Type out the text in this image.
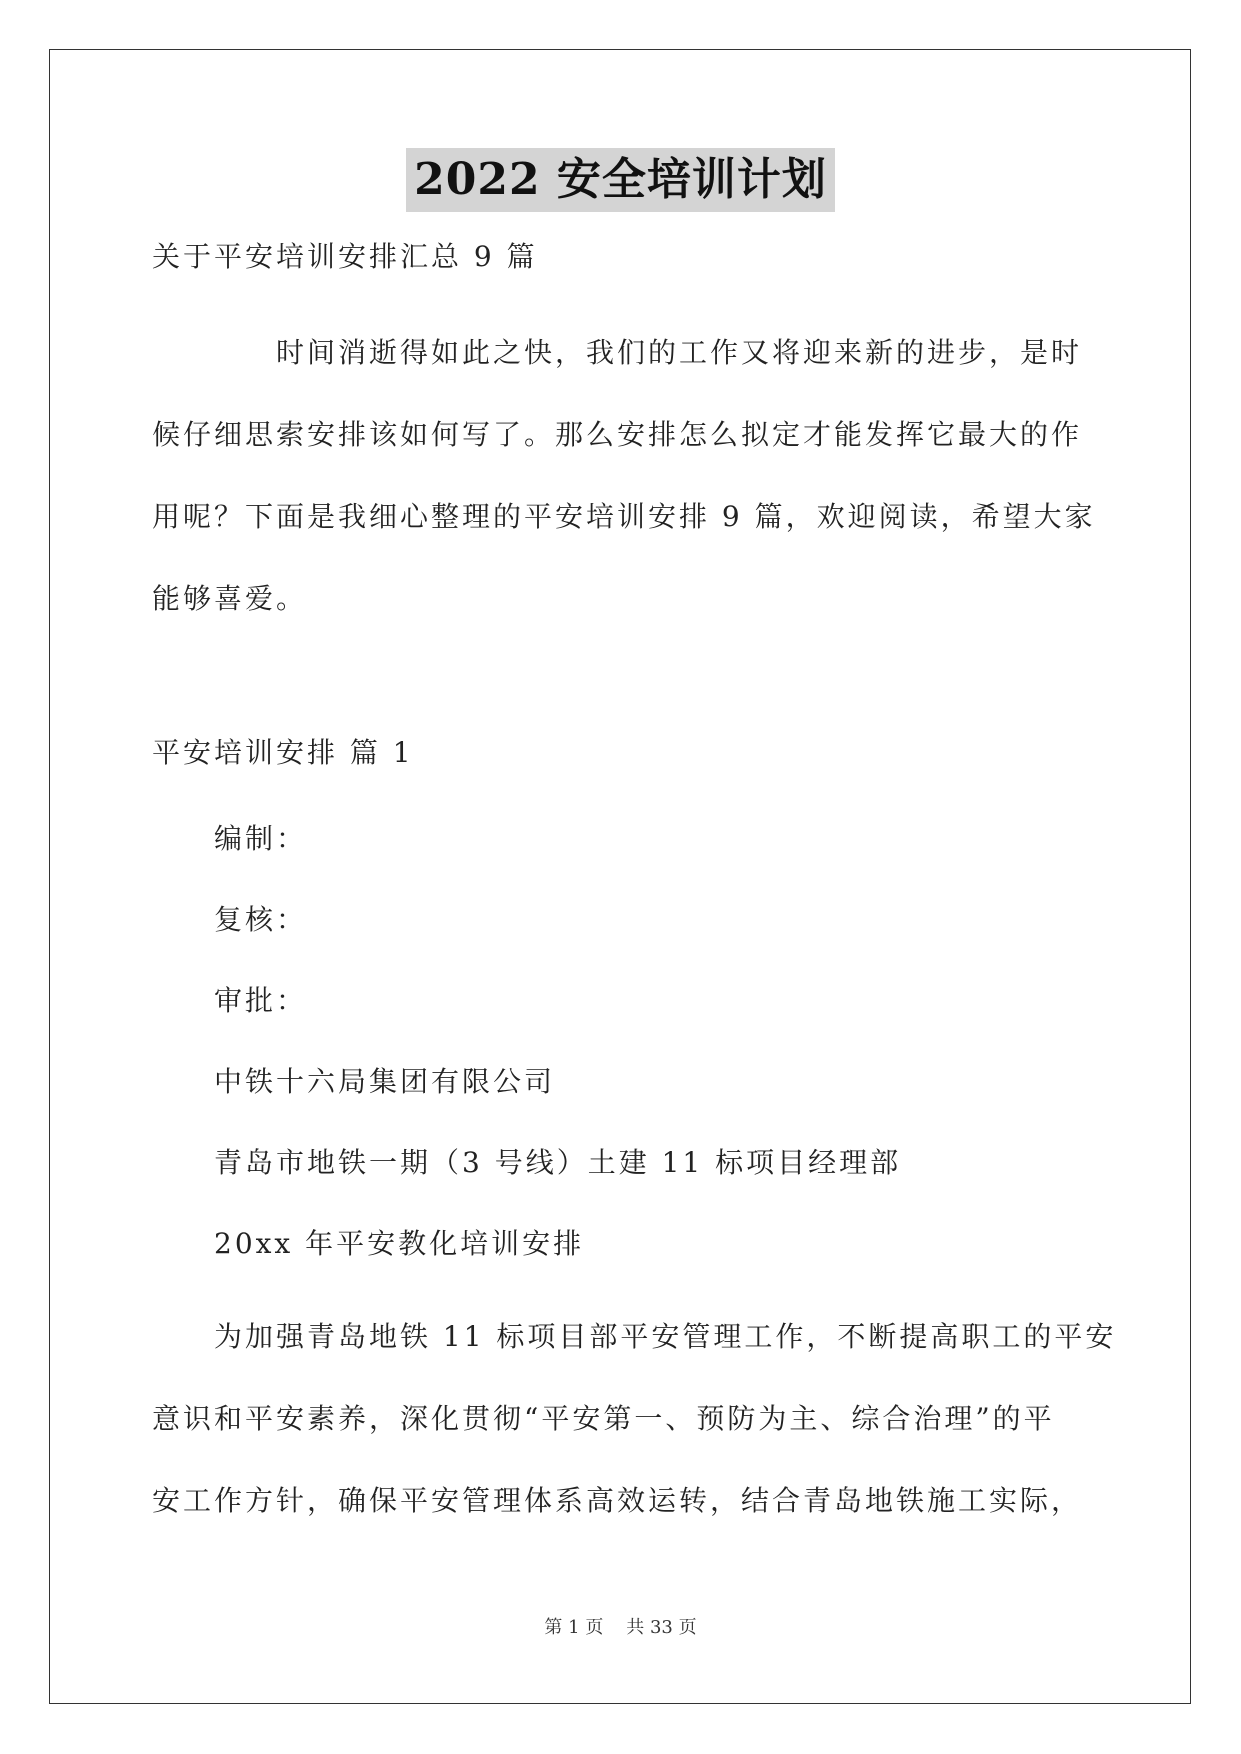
2022 安全培训计划
关于平安培训安排汇总 9 篇
时间消逝得如此之快，我们的工作又将迎来新的进步，是时
候仔细思索安排该如何写了。那么安排怎么拟定才能发挥它最大的作
用呢？下面是我细心整理的平安培训安排 9 篇，欢迎阅读，希望大家
能够喜爱。
平安培训安排 篇 1
编制：
复核：
审批：
中铁十六局集团有限公司
青岛市地铁一期（3 号线）土建 11 标项目经理部
20xx 年平安教化培训安排
为加强青岛地铁 11 标项目部平安管理工作，不断提高职工的平安
意识和平安素养，深化贯彻“平安第一、预防为主、综合治理”的平
安工作方针，确保平安管理体系高效运转，结合青岛地铁施工实际，
第 1 页 共 33 页
